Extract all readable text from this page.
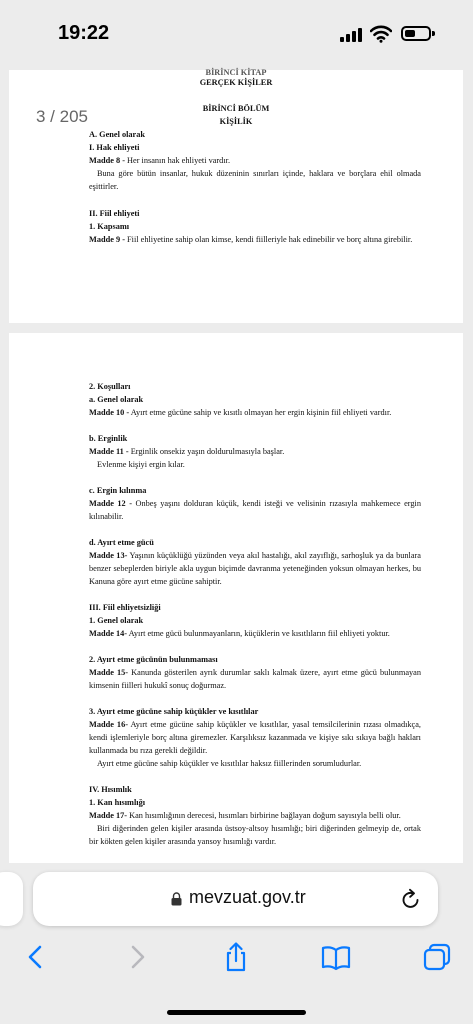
19:22

BİRİNCİ KİTAP

GERÇEK KİŞİLER

BİRİNCİ BÖLÜM

KİŞİLİK

A. Genel olarak

I. Hak ehliyeti

Madde 8 - Her insanın hak ehliyeti vardır.

Buna göre bütün insanlar, hukuk düzeninin sınırları içinde, haklara ve borçlara ehil olmada eşittirler.

II. Fiil ehliyeti

1. Kapsamı

Madde 9 - Fiil ehliyetine sahip olan kimse, kendi fiilleriyle hak edinebilir ve borç altına girebilir.

3 / 205

2. Koşulları

a. Genel olarak

Madde 10 - Ayırt etme gücüne sahip ve kısıtlı olmayan her ergin kişinin fiil ehliyeti vardır.

b. Erginlik

Madde 11 - Erginlik onsekiz yaşın doldurulmasıyla başlar.

Evlenme kişiyi ergin kılar.

c. Ergin kılınma

Madde 12 - Onbeş yaşını dolduran küçük, kendi isteği ve velisinin rızasıyla mahkemece ergin kılınabilir.

d. Ayırt etme gücü

Madde 13- Yaşının küçüklüğü yüzünden veya akıl hastalığı, akıl zayıflığı, sarhoşluk ya da bunlara benzer sebeplerden biriyle akla uygun biçimde davranma yeteneğinden yoksun olmayan herkes, bu Kanuna göre ayırt etme gücüne sahiptir.

III. Fiil ehliyetsizliği

1. Genel olarak

Madde 14- Ayırt etme gücü bulunmayanların, küçüklerin ve kısıtlıların fiil ehliyeti yoktur.

2. Ayırt etme gücünün bulunmaması

Madde 15- Kanunda gösterilen ayrık durumlar saklı kalmak üzere, ayırt etme gücü bulunmayan kimsenin fiilleri hukukî sonuç doğurmaz.

3. Ayırt etme gücüne sahip küçükler ve kısıtlılar

Madde 16- Ayırt etme gücüne sahip küçükler ve kısıtlılar, yasal temsilcilerinin rızası olmadıkça, kendi işlemleriyle borç altına giremezler. Karşılıksız kazanmada ve kişiye sıkı sıkıya bağlı hakları kullanmada bu rıza gerekli değildir.

Ayırt etme gücüne sahip küçükler ve kısıtlılar haksız fiillerinden sorumludurlar.

IV. Hısımlık

1. Kan hısımlığı

Madde 17- Kan hısımlığının derecesi, hısımları birbirine bağlayan doğum sayısıyla belli olur.

Biri diğerinden gelen kişiler arasında üstsoy-altsoy hısımlığı; biri diğerinden gelmeyip de, ortak bir kökten gelen kişiler arasında yansoy hısımlığı vardır.

mevzuat.gov.tr
